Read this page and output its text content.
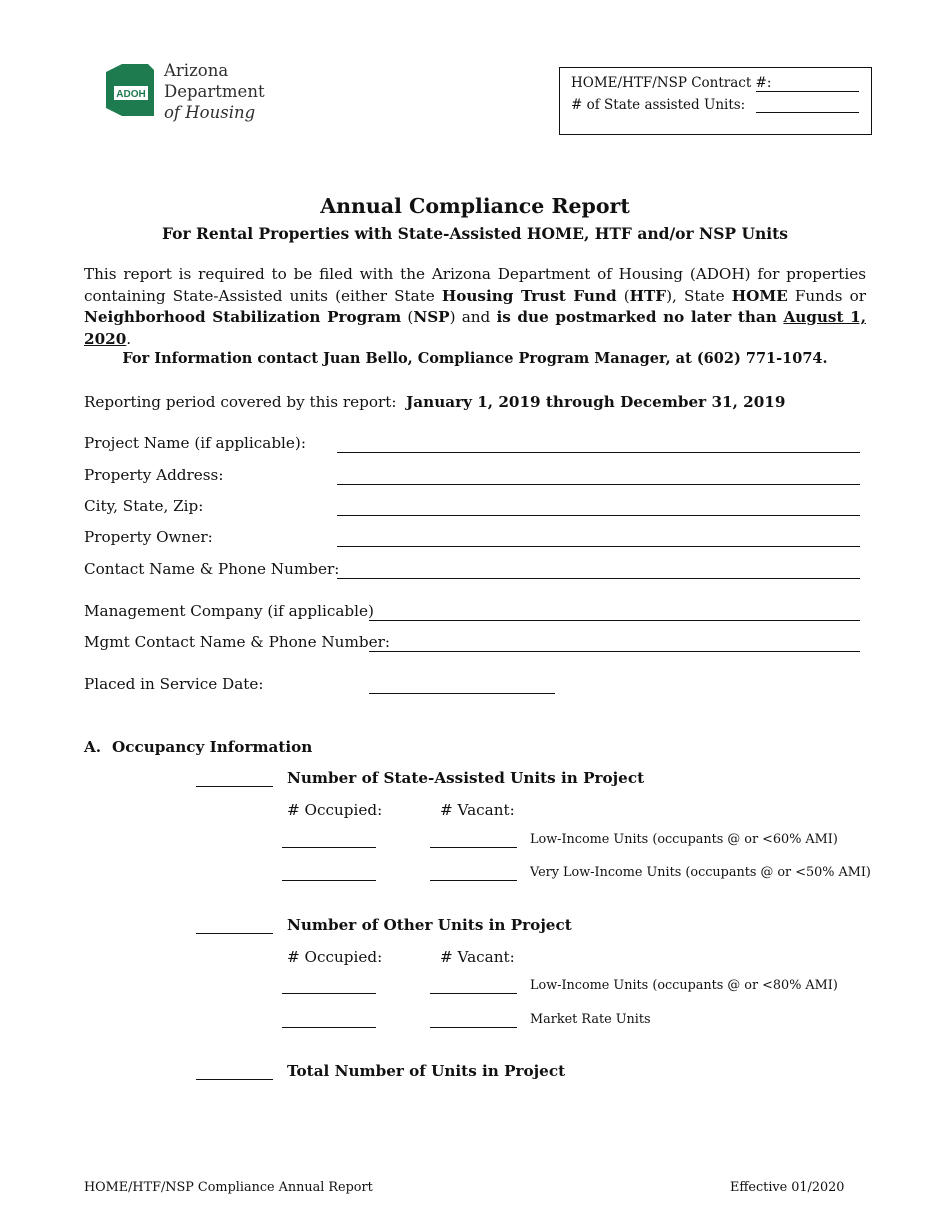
ADOH
Arizona
Department
of Housing
HOME/HTF/NSP Contract #:
# of State assisted Units:
Annual Compliance Report
For Rental Properties with State-Assisted HOME, HTF and/or NSP Units
This report is required to be filed with the Arizona Department of Housing (ADOH) for properties containing State-Assisted units (either State Housing Trust Fund (HTF), State HOME Funds or Neighborhood Stabilization Program (NSP) and is due postmarked no later than August 1, 2020.
For Information contact Juan Bello, Compliance Program Manager, at (602) 771-1074.
Reporting period covered by this report: January 1, 2019 through December 31, 2019
Project Name (if applicable):
Property Address:
City, State, Zip:
Property Owner:
Contact Name & Phone Number:
Management Company (if applicable)
Mgmt Contact Name & Phone Number:
Placed in Service Date:
A. Occupancy Information
Number of State-Assisted Units in Project
# Occupied:	# Vacant:
Low-Income Units (occupants @ or <60% AMI)
Very Low-Income Units (occupants @ or <50% AMI)
Number of Other Units in Project
# Occupied:	# Vacant:
Low-Income Units (occupants @ or <80% AMI)
Market Rate Units
Total Number of Units in Project
HOME/HTF/NSP Compliance Annual Report	Effective 01/2020
